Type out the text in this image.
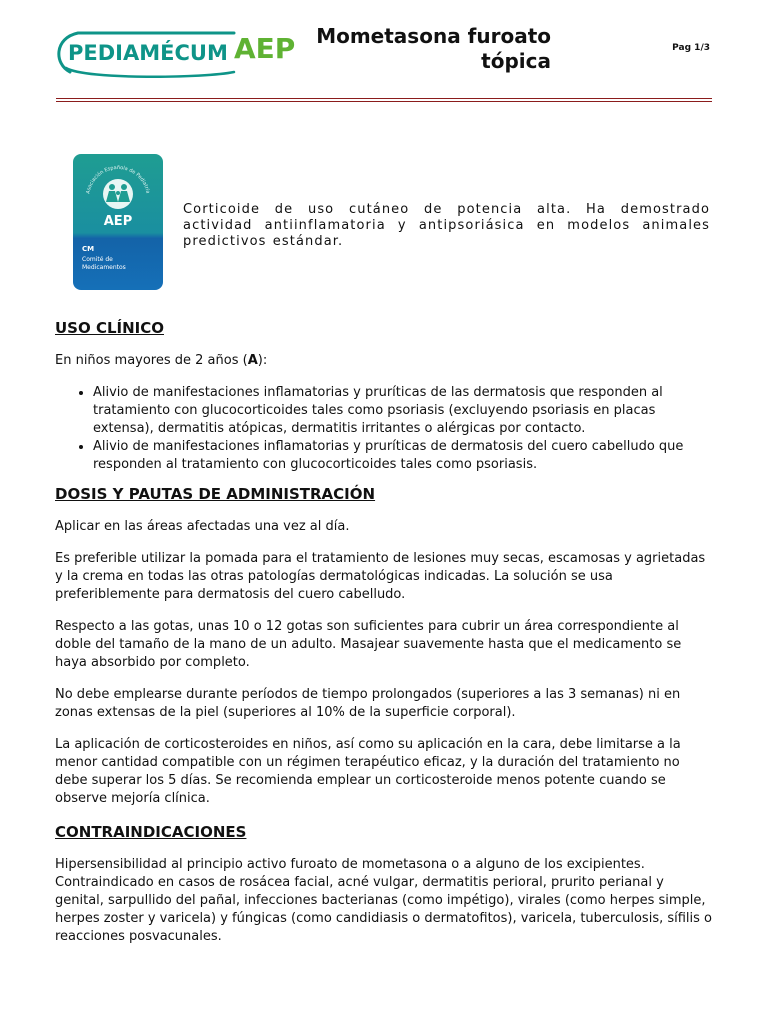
PEDIAMÉCUM AEP	Mometasona furoato
tópica
Pag 1/3
Asociación Española de Pediatría
AEP
CM
Comité de
Medicamentos
Corticoide de uso cutáneo de potencia alta. Ha demostrado actividad antiinflamatoria y antipsoriásica en modelos animales predictivos estándar.
USO CLÍNICO

En niños mayores de 2 años (A):

• Alivio de manifestaciones inflamatorias y pruríticas de las dermatosis que responden al tratamiento con glucocorticoides tales como psoriasis (excluyendo psoriasis en placas extensa), dermatitis atópicas, dermatitis irritantes o alérgicas por contacto.
• Alivio de manifestaciones inflamatorias y pruríticas de dermatosis del cuero cabelludo que responden al tratamiento con glucocorticoides tales como psoriasis.
DOSIS Y PAUTAS DE ADMINISTRACIÓN

Aplicar en las áreas afectadas una vez al día.

Es preferible utilizar la pomada para el tratamiento de lesiones muy secas, escamosas y agrietadas y la crema en todas las otras patologías dermatológicas indicadas. La solución se usa preferiblemente para dermatosis del cuero cabelludo.

Respecto a las gotas, unas 10 o 12 gotas son suficientes para cubrir un área correspondiente al doble del tamaño de la mano de un adulto. Masajear suavemente hasta que el medicamento se haya absorbido por completo.

No debe emplearse durante períodos de tiempo prolongados (superiores a las 3 semanas) ni en zonas extensas de la piel (superiores al 10% de la superficie corporal).

La aplicación de corticosteroides en niños, así como su aplicación en la cara, debe limitarse a la menor cantidad compatible con un régimen terapéutico eficaz, y la duración del tratamiento no debe superar los 5 días. Se recomienda emplear un corticosteroide menos potente cuando se observe mejoría clínica.

CONTRAINDICACIONES

Hipersensibilidad al principio activo furoato de mometasona o a alguno de los excipientes. Contraindicado en casos de rosácea facial, acné vulgar, dermatitis perioral, prurito perianal y genital, sarpullido del pañal, infecciones bacterianas (como impétigo), virales (como herpes simple, herpes zoster y varicela) y fúngicas (como candidiasis o dermatofitos), varicela, tuberculosis, sífilis o reacciones posvacunales.
